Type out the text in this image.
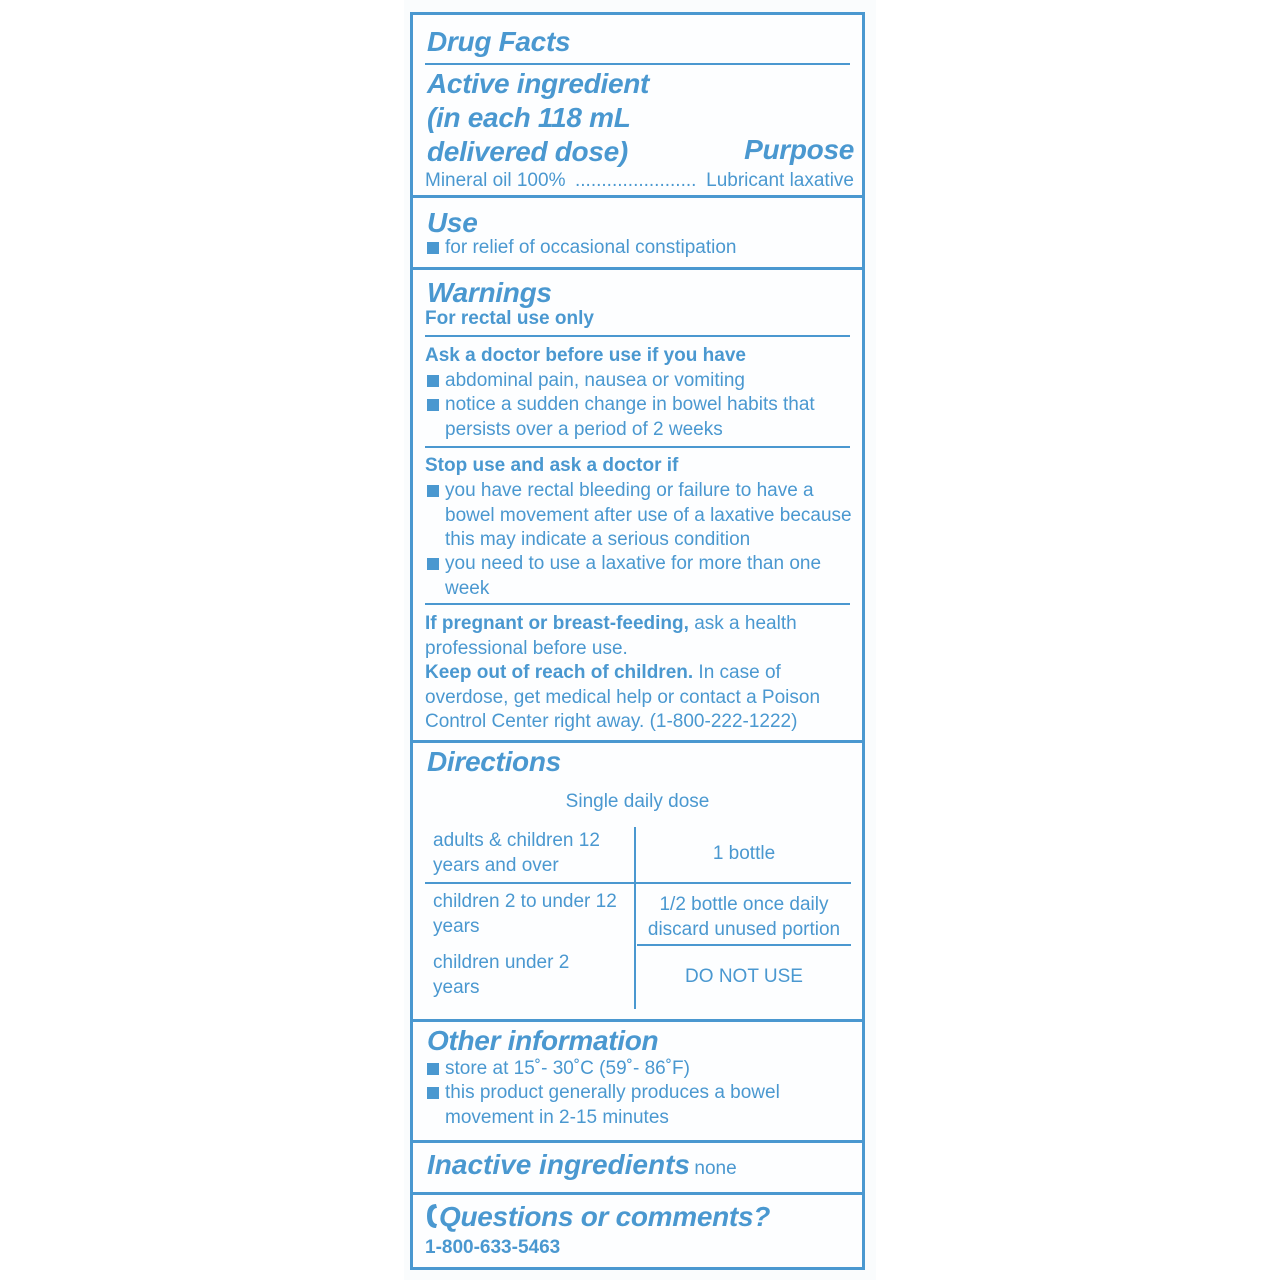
Drug Facts
Active ingredient
(in each 118 mL
delivered dose)	Purpose
Mineral oil 100% ....................... Lubricant laxative
Use
for relief of occasional constipation
Warnings
For rectal use only
Ask a doctor before use if you have
abdominal pain, nausea or vomiting
notice a sudden change in bowel habits that persists over a period of 2 weeks
Stop use and ask a doctor if
you have rectal bleeding or failure to have a bowel movement after use of a laxative because this may indicate a serious condition
you need to use a laxative for more than one week
If pregnant or breast-feeding, ask a health professional before use.
Keep out of reach of children. In case of overdose, get medical help or contact a Poison Control Center right away. (1-800-222-1222)
Directions
Single daily dose
adults & children 12 years and over
1 bottle
children 2 to under 12 years
1/2 bottle once daily discard unused portion
children under 2 years	DO NOT USE
Other information
store at 15˚- 30˚C (59˚- 86˚F)
this product generally produces a bowel movement in 2-15 minutes
Inactive ingredients none
Questions or comments?
1-800-633-5463
